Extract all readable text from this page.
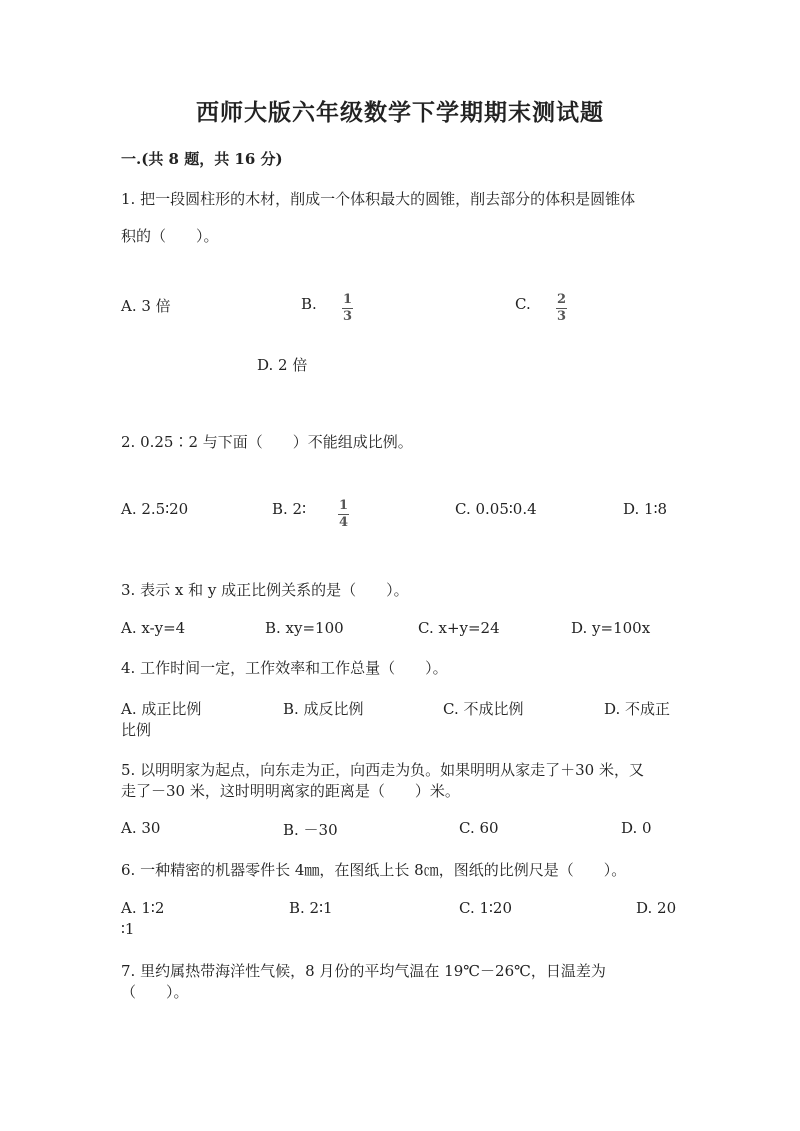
西师大版六年级数学下学期期末测试题
一.(共 8 题，共 16 分)
1. 把一段圆柱形的木材，削成一个体积最大的圆锥，削去部分的体积是圆锥体
积的（　　）。
A. 3 倍	B. $\frac{1}{3}$	C. $\frac{2}{3}$
D. 2 倍
2. 0.25∶2 与下面（　　）不能组成比例。
A. 2.5∶20	B. 2∶ $\frac{1}{4}$	C. 0.05∶0.4	D. 1∶8
3. 表示 x 和 y 成正比例关系的是（　　）。
A. x-y=4	B. xy=100	C. x+y=24	D. y=100x
4. 工作时间一定，工作效率和工作总量（　　）。
A. 成正比例	B. 成反比例	C. 不成比例	D. 不成正
比例
5. 以明明家为起点，向东走为正，向西走为负。如果明明从家走了＋30 米，又
走了－30 米，这时明明离家的距离是（　　）米。
A. 30	B. －30	C. 60	D. 0
6. 一种精密的机器零件长 4㎜，在图纸上长 8㎝，图纸的比例尺是（　　）。
A. 1∶2	B. 2∶1	C. 1∶20	D. 20
∶1
7. 里约属热带海洋性气候，8 月份的平均气温在 19℃－26℃，日温差为
（　　）。
